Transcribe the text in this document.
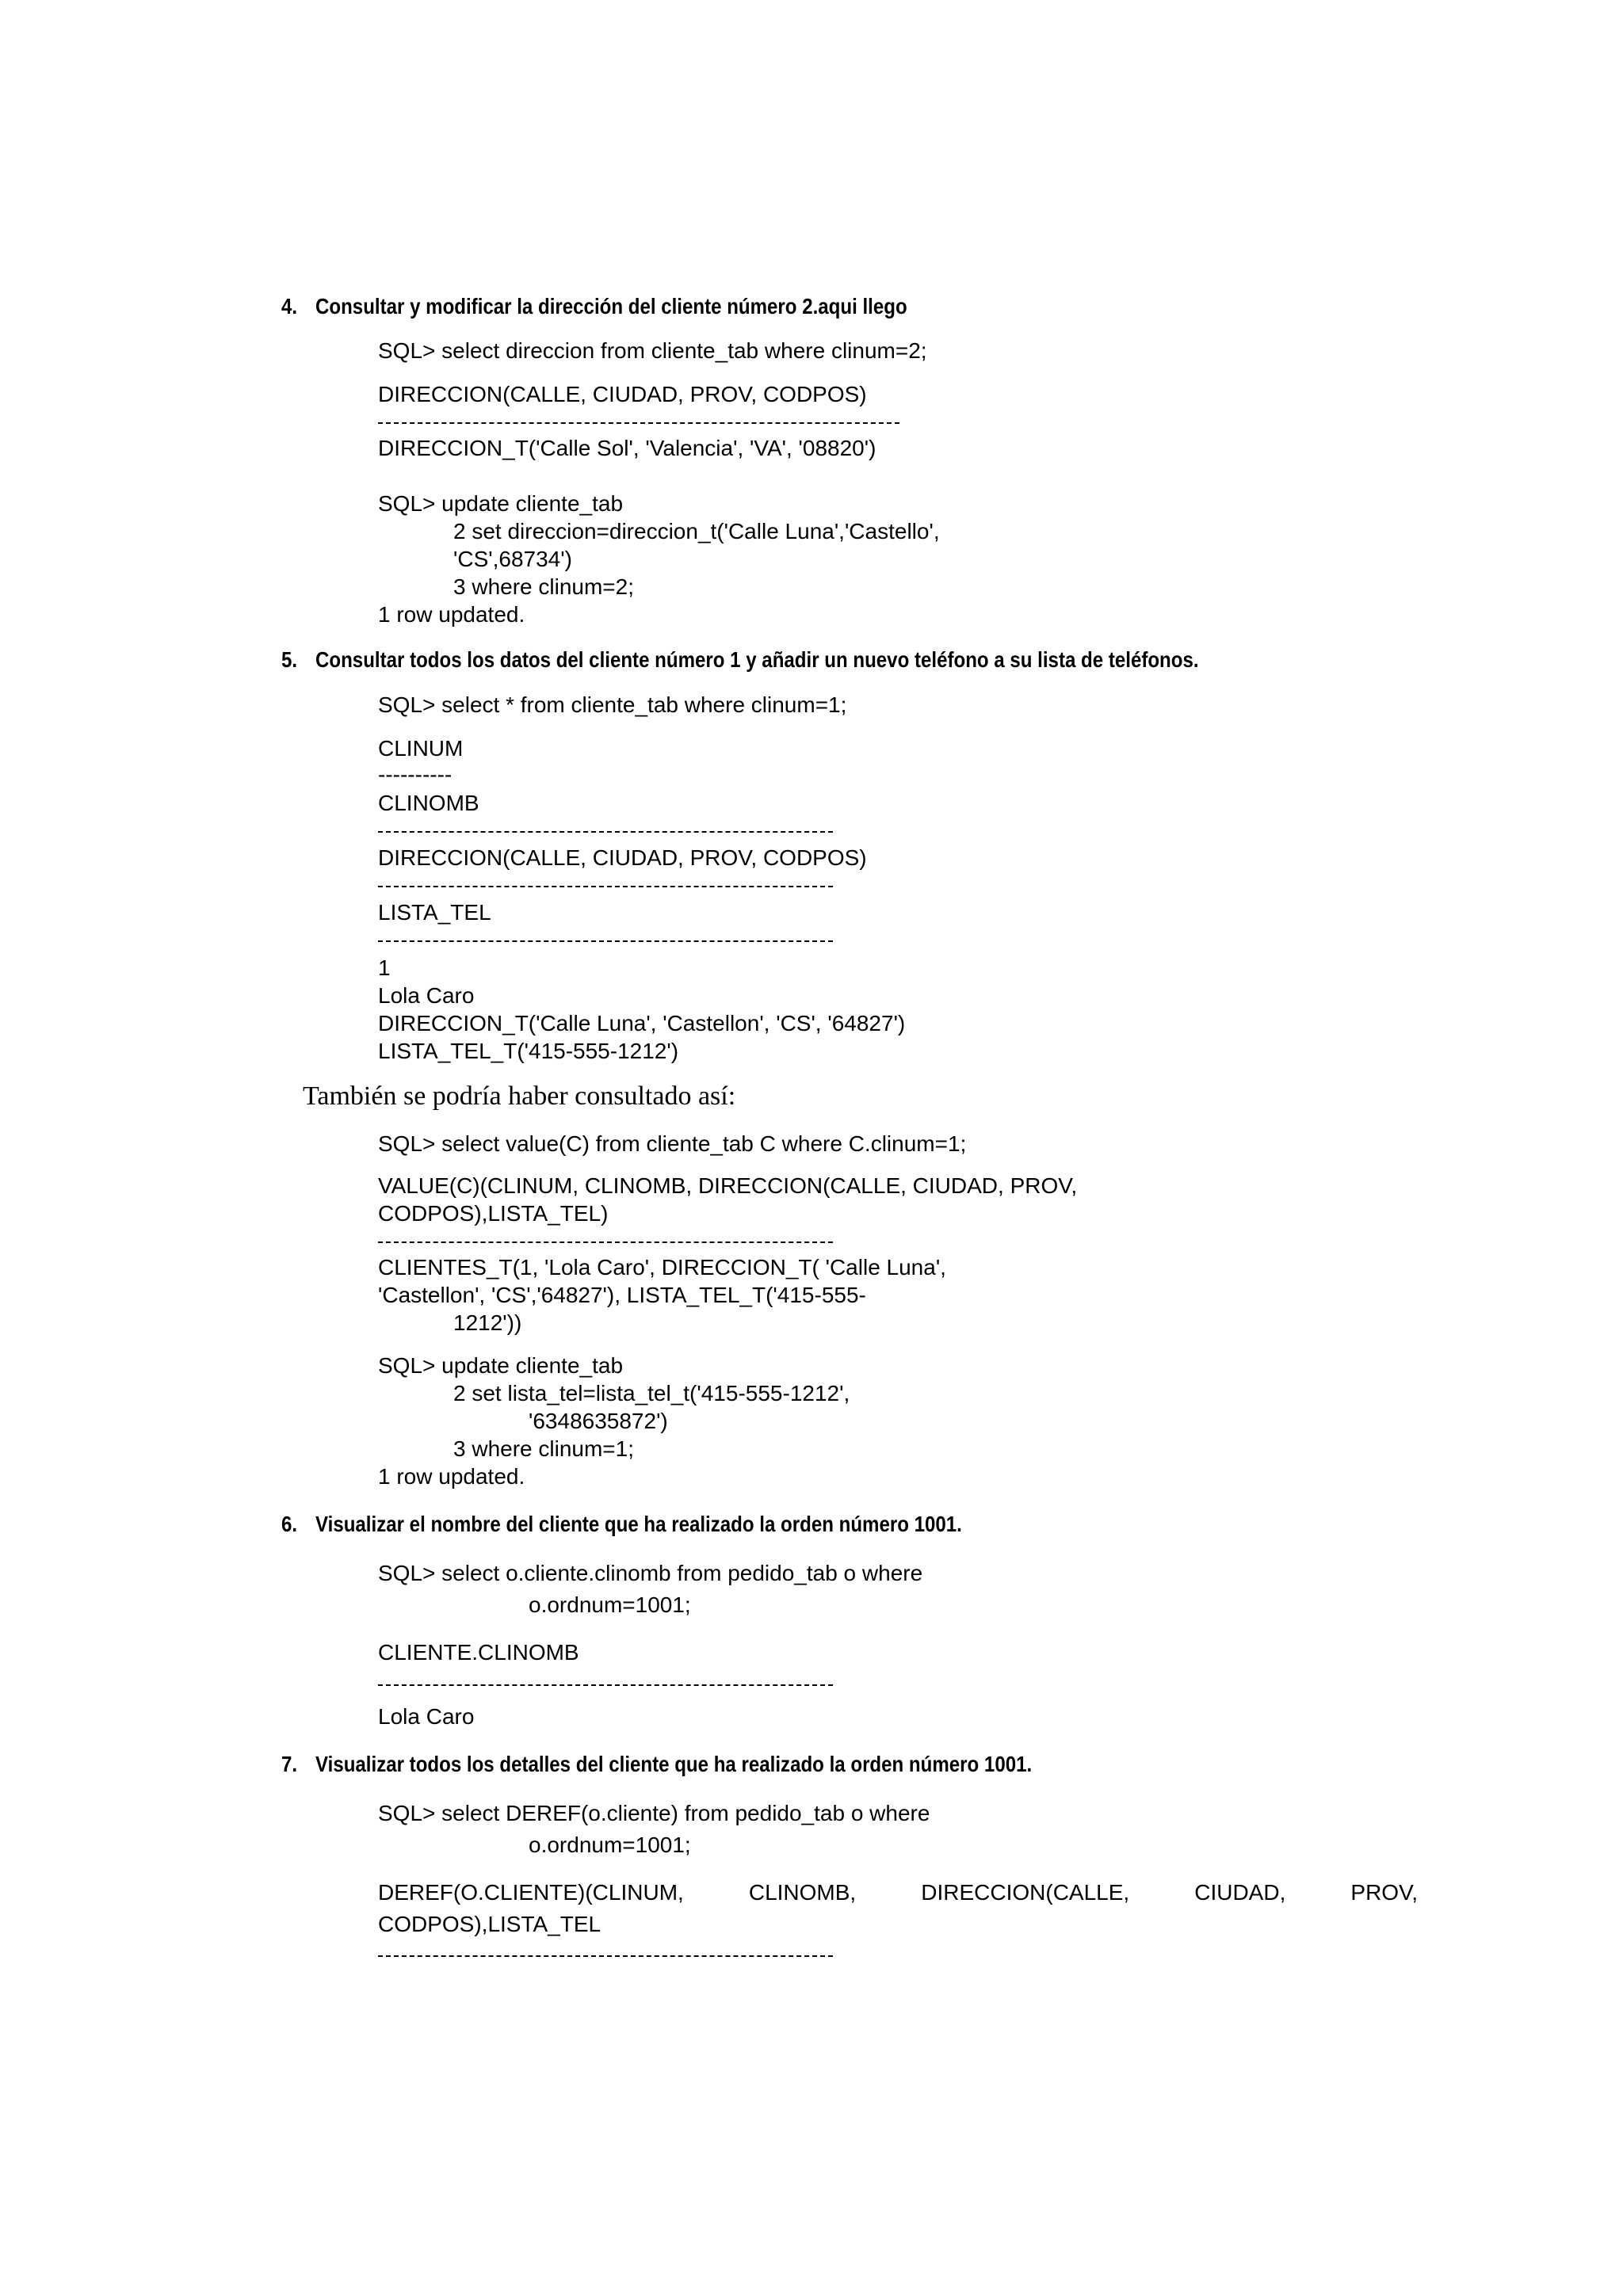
4. Consultar y modificar la dirección del cliente número 2.aqui llego
SQL> select direccion from cliente_tab where clinum=2;
DIRECCION(CALLE, CIUDAD, PROV, CODPOS)
DIRECCION_T('Calle Sol', 'Valencia', 'VA', '08820')
SQL> update cliente_tab
2 set direccion=direccion_t('Calle Luna','Castello',
'CS',68734')
3 where clinum=2;
1 row updated.
5. Consultar todos los datos del cliente número 1 y añadir un nuevo teléfono a su lista de teléfonos.
SQL> select * from cliente_tab where clinum=1;
CLINUM
----------
CLINOMB
DIRECCION(CALLE, CIUDAD, PROV, CODPOS)
LISTA_TEL
1
Lola Caro
DIRECCION_T('Calle Luna', 'Castellon', 'CS', '64827')
LISTA_TEL_T('415-555-1212')
También se podría haber consultado así:
SQL> select value(C) from cliente_tab C where C.clinum=1;
VALUE(C)(CLINUM, CLINOMB, DIRECCION(CALLE, CIUDAD, PROV,
CODPOS),LISTA_TEL)
CLIENTES_T(1, 'Lola Caro', DIRECCION_T( 'Calle Luna',
'Castellon', 'CS','64827'), LISTA_TEL_T('415-555-
1212'))
SQL> update cliente_tab
2 set lista_tel=lista_tel_t('415-555-1212',
'6348635872')
3 where clinum=1;
1 row updated.
6. Visualizar el nombre del cliente que ha realizado la orden número 1001.
SQL> select o.cliente.clinomb from pedido_tab o where
o.ordnum=1001;
CLIENTE.CLINOMB
Lola Caro
7. Visualizar todos los detalles del cliente que ha realizado la orden número 1001.
SQL> select DEREF(o.cliente) from pedido_tab o where
o.ordnum=1001;
DEREF(O.CLIENTE)(CLINUM,	CLINOMB,	DIRECCION(CALLE,	CIUDAD,	PROV,
CODPOS),LISTA_TEL
